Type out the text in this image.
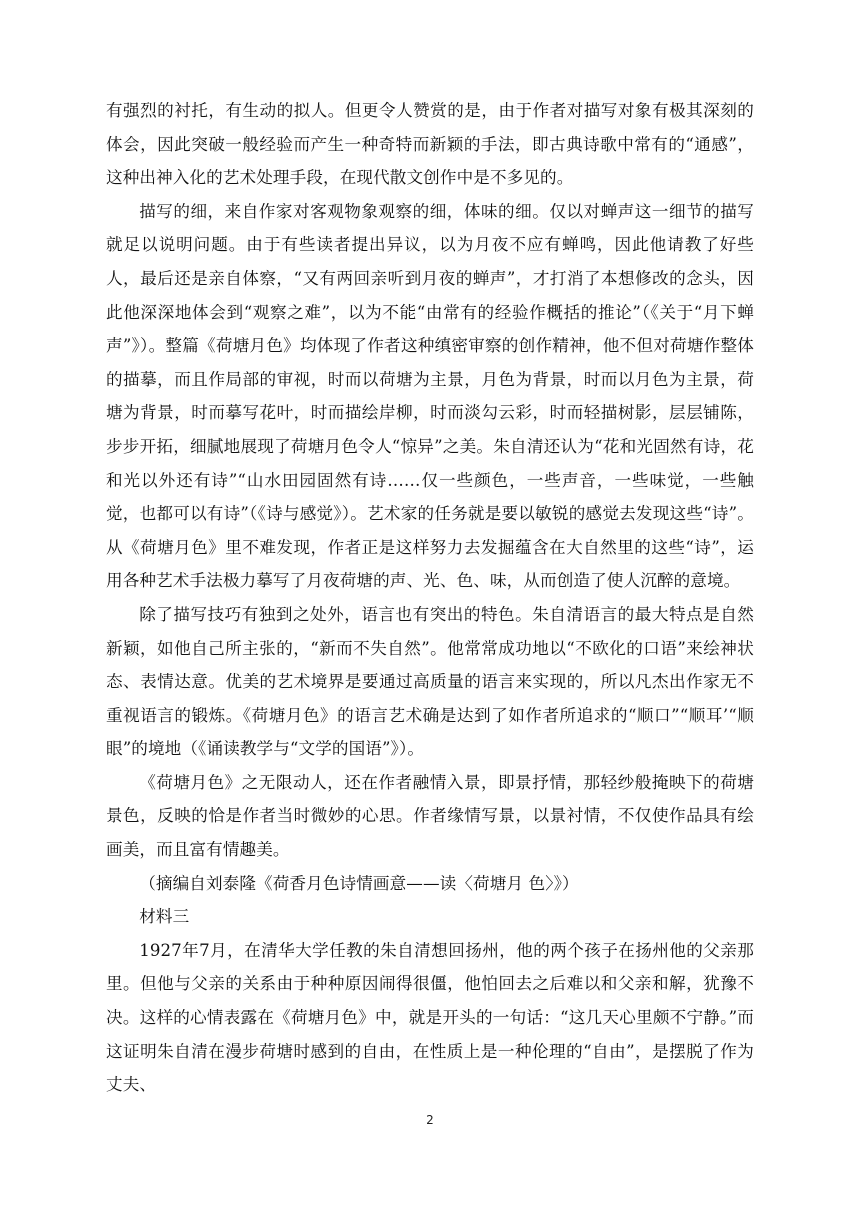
有强烈的衬托，有生动的拟人。但更令人赞赏的是，由于作者对描写对象有极其深刻的体会，因此突破一般经验而产生一种奇特而新颖的手法，即古典诗歌中常有的“通感”，这种出神入化的艺术处理手段，在现代散文创作中是不多见的。

描写的细，来自作家对客观物象观察的细，体味的细。仅以对蝉声这一细节的描写就足以说明问题。由于有些读者提出异议，以为月夜不应有蝉鸣，因此他请教了好些人，最后还是亲自体察，“又有两回亲听到月夜的蝉声”，才打消了本想修改的念头，因此他深深地体会到“观察之难”，以为不能“由常有的经验作概括的推论”（《关于“月下蝉声”》）。整篇《荷塘月色》均体现了作者这种缜密审察的创作精神，他不但对荷塘作整体的描摹，而且作局部的审视，时而以荷塘为主景，月色为背景，时而以月色为主景，荷塘为背景，时而摹写花叶，时而描绘岸柳，时而淡勾云彩，时而轻描树影，层层铺陈，步步开拓，细腻地展现了荷塘月色令人“惊异”之美。朱自清还认为“花和光固然有诗，花和光以外还有诗”“山水田园固然有诗……仅一些颜色，一些声音，一些味觉，一些触觉，也都可以有诗”（《诗与感觉》）。艺术家的任务就是要以敏锐的感觉去发现这些“诗”。从《荷塘月色》里不难发现，作者正是这样努力去发掘蕴含在大自然里的这些“诗”，运用各种艺术手法极力摹写了月夜荷塘的声、光、色、味，从而创造了使人沉醉的意境。

除了描写技巧有独到之处外，语言也有突出的特色。朱自清语言的最大特点是自然新颖，如他自己所主张的，“新而不失自然”。他常常成功地以“不欧化的口语”来绘神状态、表情达意。优美的艺术境界是要通过高质量的语言来实现的，所以凡杰出作家无不重视语言的锻炼。《荷塘月色》的语言艺术确是达到了如作者所追求的“顺口”“顺耳’“顺眼”的境地（《诵读教学与“文学的国语”》）。

《荷塘月色》之无限动人，还在作者融情入景，即景抒情，那轻纱般掩映下的荷塘景色，反映的恰是作者当时微妙的心思。作者缘情写景，以景衬情，不仅使作品具有绘画美，而且富有情趣美。

（摘编自刘泰隆《荷香月色诗情画意——读〈荷塘月 色〉》）

材料三

1927年7月，在清华大学任教的朱自清想回扬州，他的两个孩子在扬州他的父亲那里。但他与父亲的关系由于种种原因闹得很僵，他怕回去之后难以和父亲和解，犹豫不决。这样的心情表露在《荷塘月色》中，就是开头的一句话：“这几天心里颇不宁静。”而这证明朱自清在漫步荷塘时感到的自由，在性质上是一种伦理的“自由”，是摆脱了作为丈夫、

2
